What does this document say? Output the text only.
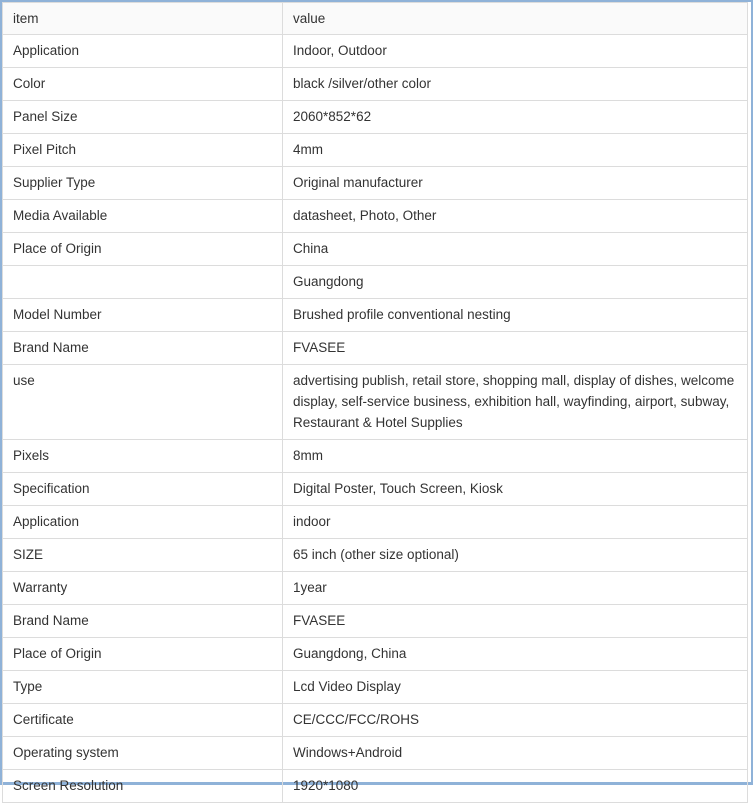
item	value
Application	Indoor, Outdoor
Color	black /silver/other color
Panel Size	2060*852*62
Pixel Pitch	4mm
Supplier Type	Original manufacturer
Media Available	datasheet, Photo, Other
Place of Origin	China
	Guangdong
Model Number	Brushed profile conventional nesting
Brand Name	FVASEE
use	advertising publish, retail store, shopping mall, display of dishes, welcome display, self-service business, exhibition hall, wayfinding, airport, subway, Restaurant & Hotel Supplies
Pixels	8mm
Specification	Digital Poster, Touch Screen, Kiosk
Application	indoor
SIZE	65 inch (other size optional)
Warranty	1year
Brand Name	FVASEE
Place of Origin	Guangdong, China
Type	Lcd Video Display
Certificate	CE/CCC/FCC/ROHS
Operating system	Windows+Android
Screen Resolution	1920*1080
